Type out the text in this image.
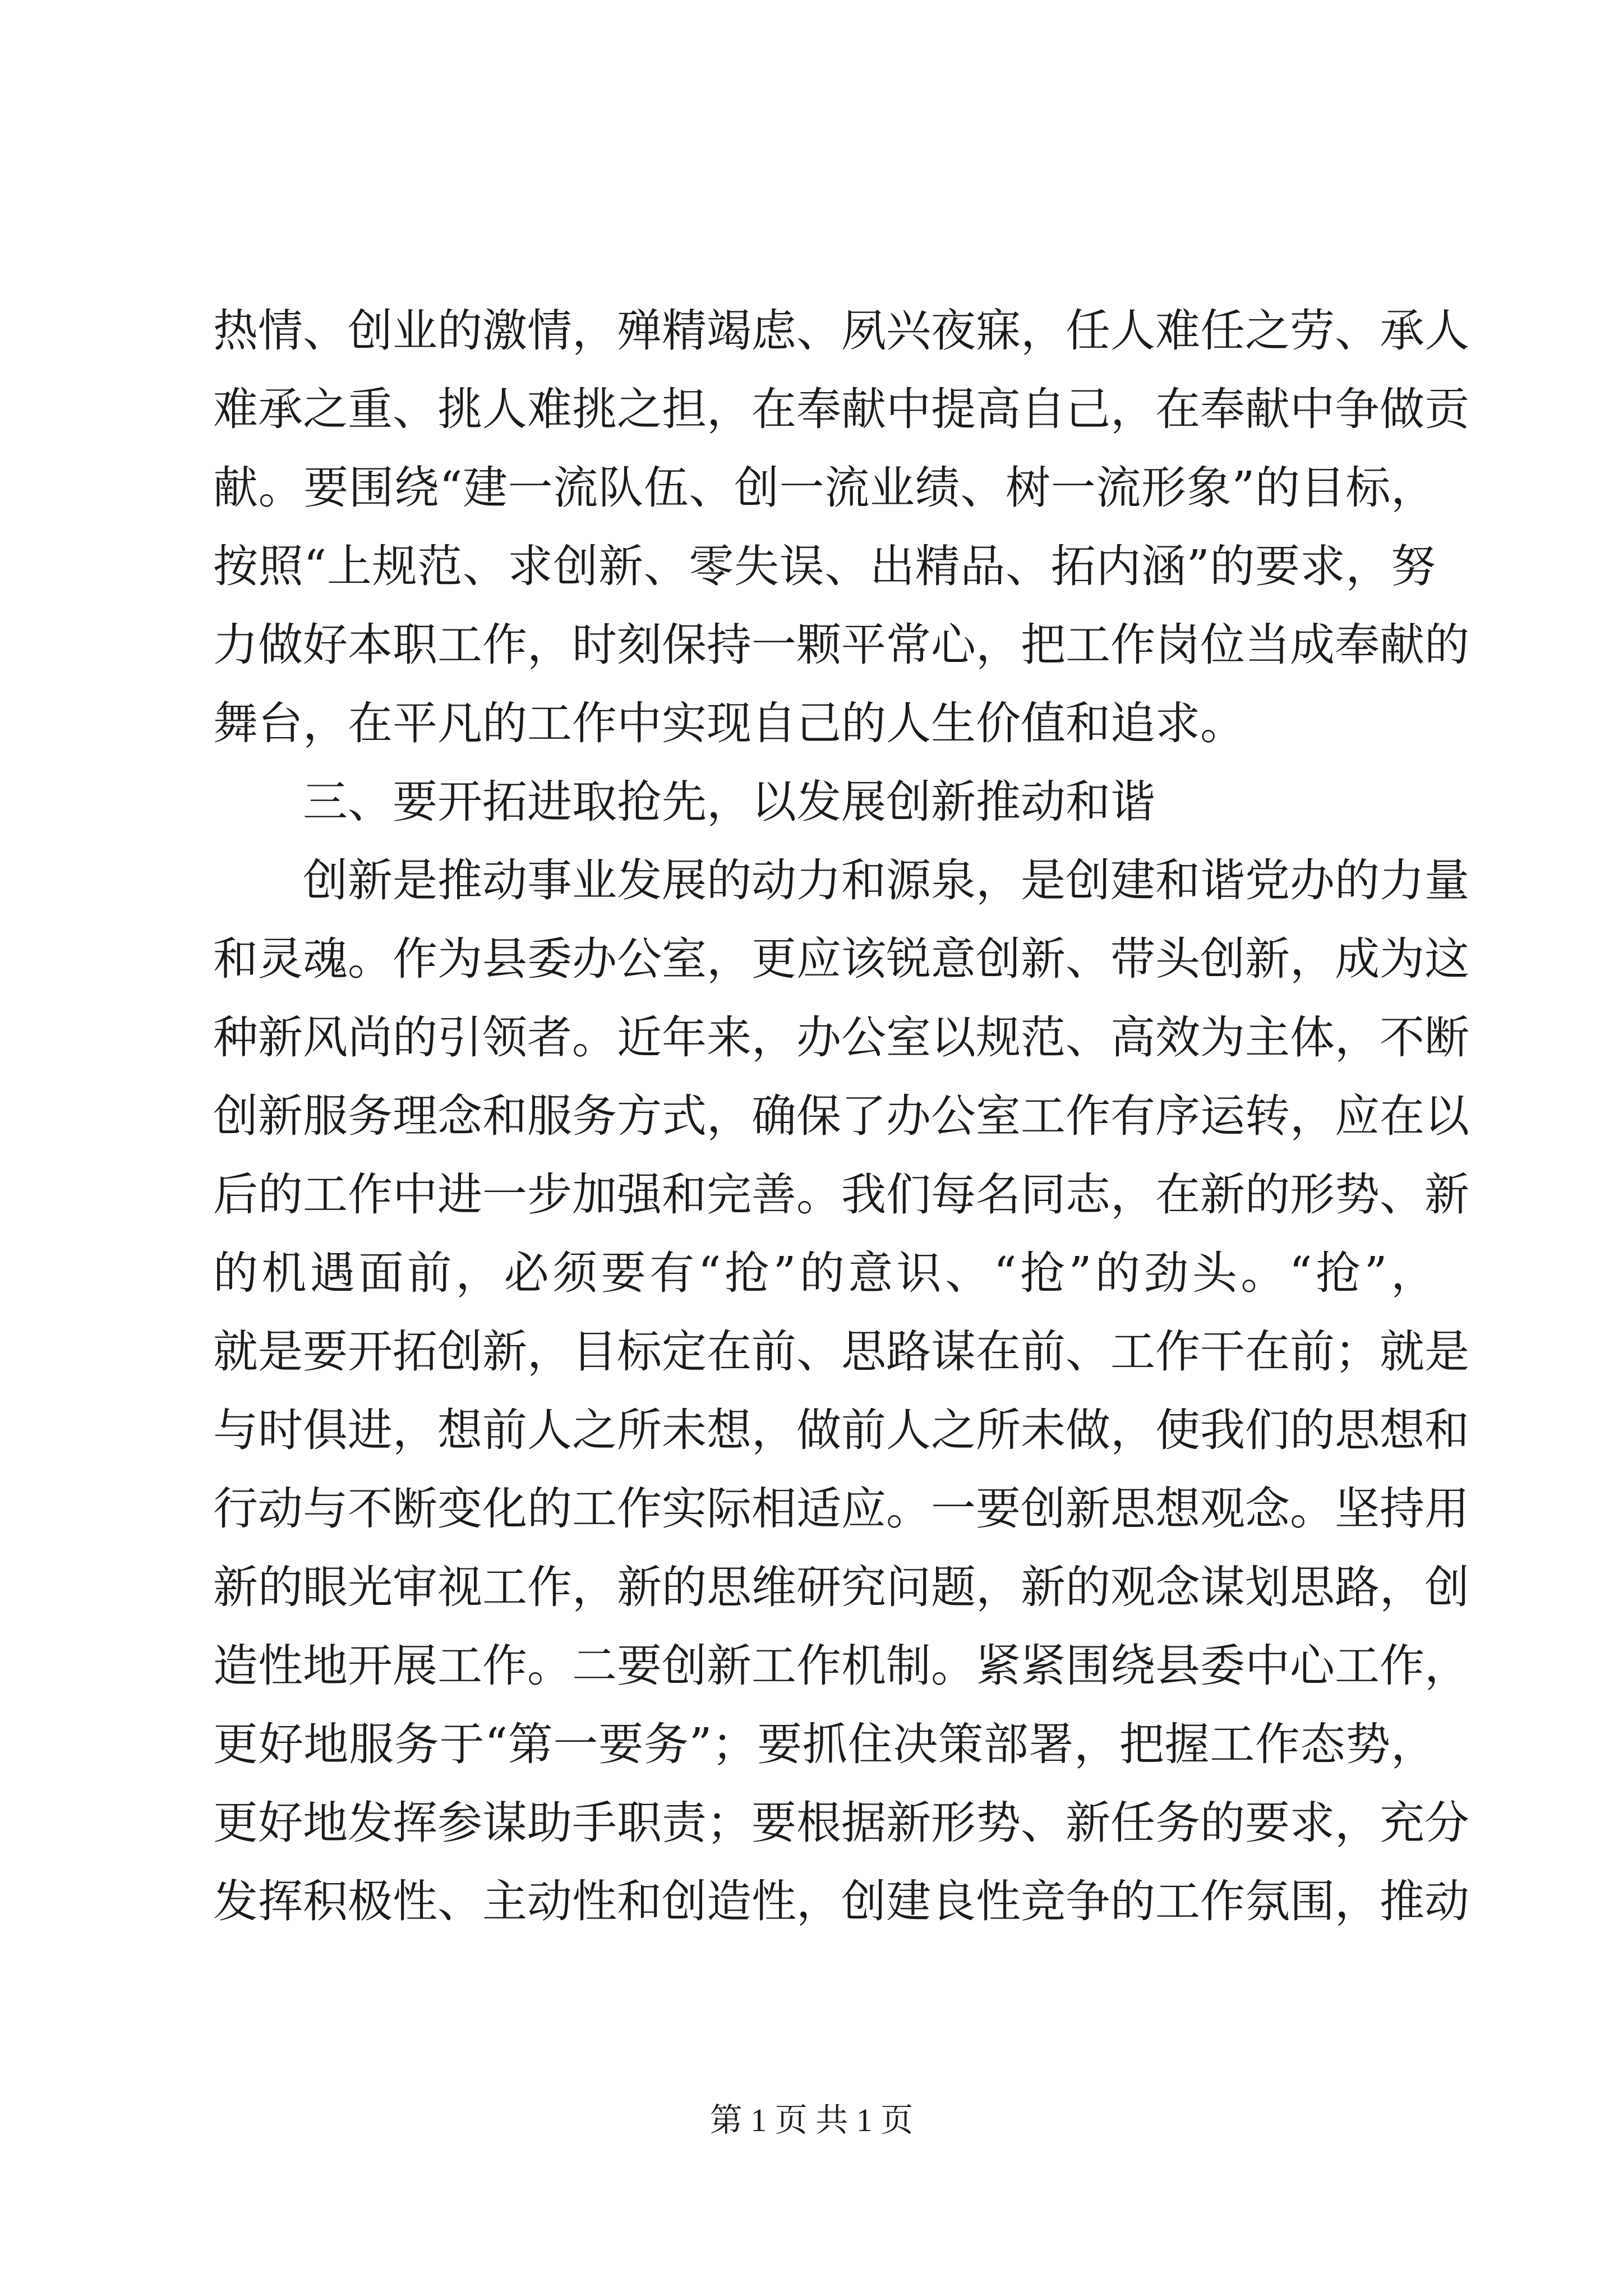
热情、创业的激情，殚精竭虑、夙兴夜寐，任人难任之劳、承人
难承之重、挑人难挑之担，在奉献中提高自己，在奉献中争做贡
献。要围绕“建一流队伍、创一流业绩、树一流形象”的目标，
按照“上规范、求创新、零失误、出精品、拓内涵”的要求，努
力做好本职工作，时刻保持一颗平常心，把工作岗位当成奉献的
舞台，在平凡的工作中实现自己的人生价值和追求。
三、要开拓进取抢先，以发展创新推动和谐
创新是推动事业发展的动力和源泉，是创建和谐党办的力量
和灵魂。作为县委办公室，更应该锐意创新、带头创新，成为这
种新风尚的引领者。近年来，办公室以规范、高效为主体，不断
创新服务理念和服务方式，确保了办公室工作有序运转，应在以
后的工作中进一步加强和完善。我们每名同志，在新的形势、新
的机遇面前，必须要有“抢”的意识、“抢”的劲头。“抢”，
就是要开拓创新，目标定在前、思路谋在前、工作干在前；就是
与时俱进，想前人之所未想，做前人之所未做，使我们的思想和
行动与不断变化的工作实际相适应。一要创新思想观念。坚持用
新的眼光审视工作，新的思维研究问题，新的观念谋划思路，创
造性地开展工作。二要创新工作机制。紧紧围绕县委中心工作，
更好地服务于“第一要务”；要抓住决策部署，把握工作态势，
更好地发挥参谋助手职责；要根据新形势、新任务的要求，充分
发挥积极性、主动性和创造性，创建良性竞争的工作氛围，推动
第 1 页 共 1 页
